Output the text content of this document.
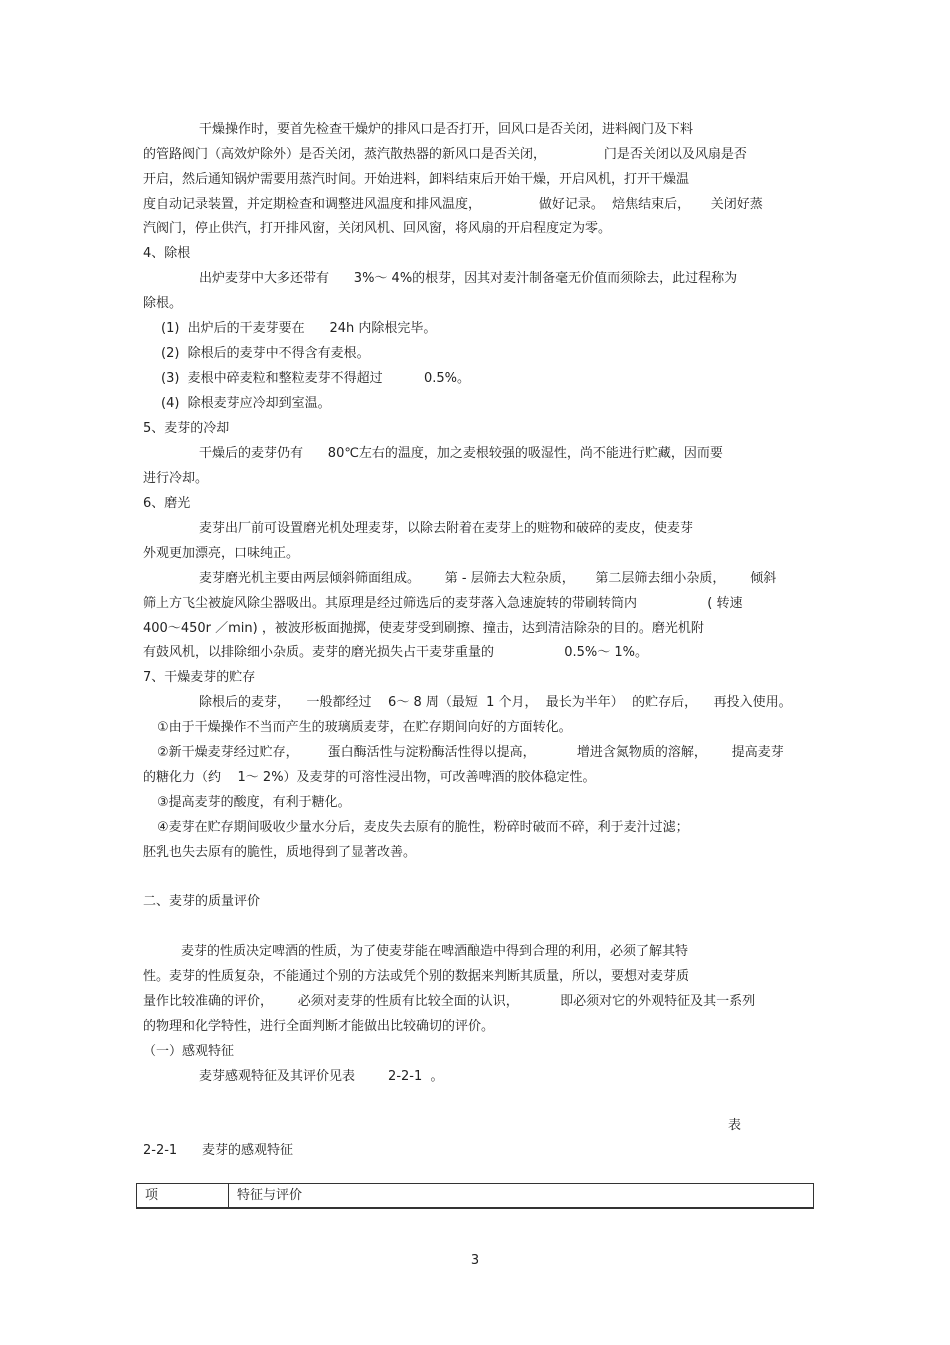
干燥操作时，要首先检查干燥炉的排风口是否打开，回风口是否关闭，进料阀门及下料
的管路阀门（高效炉除外）是否关闭，蒸汽散热器的新风口是否关闭，              门是否关闭以及风扇是否
开启，然后通知锅炉需要用蒸汽时间。开始进料，卸料结束后开始干燥，开启风机，打开干燥温
度自动记录装置，并定期检查和调整进风温度和排风温度，              做好记录。  焙焦结束后，     关闭好蒸
汽阀门，停止供汽，打开排风窗，关闭风机、回风窗，将风扇的开启程度定为零。
4、除根
出炉麦芽中大多还带有      3%～ 4%的根芽，因其对麦汁制备毫无价值而须除去，此过程称为
除根。
(1)  出炉后的干麦芽要在      24h 内除根完毕。
(2)  除根后的麦芽中不得含有麦根。
(3)  麦根中碎麦粒和整粒麦芽不得超过          0.5%。
(4)  除根麦芽应冷却到室温。
5、麦芽的冷却
干燥后的麦芽仍有      80℃左右的温度，加之麦根较强的吸湿性，尚不能进行贮藏，因而要
进行冷却。
6、磨光
麦芽出厂前可设置磨光机处理麦芽，以除去附着在麦芽上的赃物和破碎的麦皮，使麦芽
外观更加漂亮，口味纯正。
麦芽磨光机主要由两层倾斜筛面组成。      第 - 层筛去大粒杂质，     第二层筛去细小杂质，      倾斜
筛上方飞尘被旋风除尘器吸出。其原理是经过筛选后的麦芽落入急速旋转的带刷转筒内                 ( 转速
400～450r ／min) ，被波形板面抛掷，使麦芽受到刷擦、撞击，达到清洁除杂的目的。磨光机附
有鼓风机，以排除细小杂质。麦芽的磨光损失占干麦芽重量的                 0.5%～ 1%。
7、干燥麦芽的贮存
除根后的麦芽，    一般都经过    6～ 8 周（最短  1 个月，  最长为半年）  的贮存后，    再投入使用。
①由于干燥操作不当而产生的玻璃质麦芽，在贮存期间向好的方面转化。
②新干燥麦芽经过贮存，       蛋白酶活性与淀粉酶活性得以提高，          增进含氮物质的溶解，      提高麦芽
的糖化力（约    1～ 2%）及麦芽的可溶性浸出物，可改善啤酒的胶体稳定性。
③提高麦芽的酸度，有利于糖化。
④麦芽在贮存期间吸收少量水分后，麦皮失去原有的脆性，粉碎时破而不碎，利于麦汁过滤；
胚乳也失去原有的脆性，质地得到了显著改善。
二、麦芽的质量评价
麦芽的性质决定啤酒的性质，为了使麦芽能在啤酒酿造中得到合理的利用，必须了解其特
性。麦芽的性质复杂，不能通过个别的方法或凭个别的数据来判断其质量，所以，要想对麦芽质
量作比较准确的评价，      必须对麦芽的性质有比较全面的认识，          即必须对它的外观特征及其一系列
的物理和化学特性，进行全面判断才能做出比较确切的评价。
（一）感观特征
麦芽感观特征及其评价见表        2-2-1  。
表
2-2-1      麦芽的感观特征
项	特征与评价
3
